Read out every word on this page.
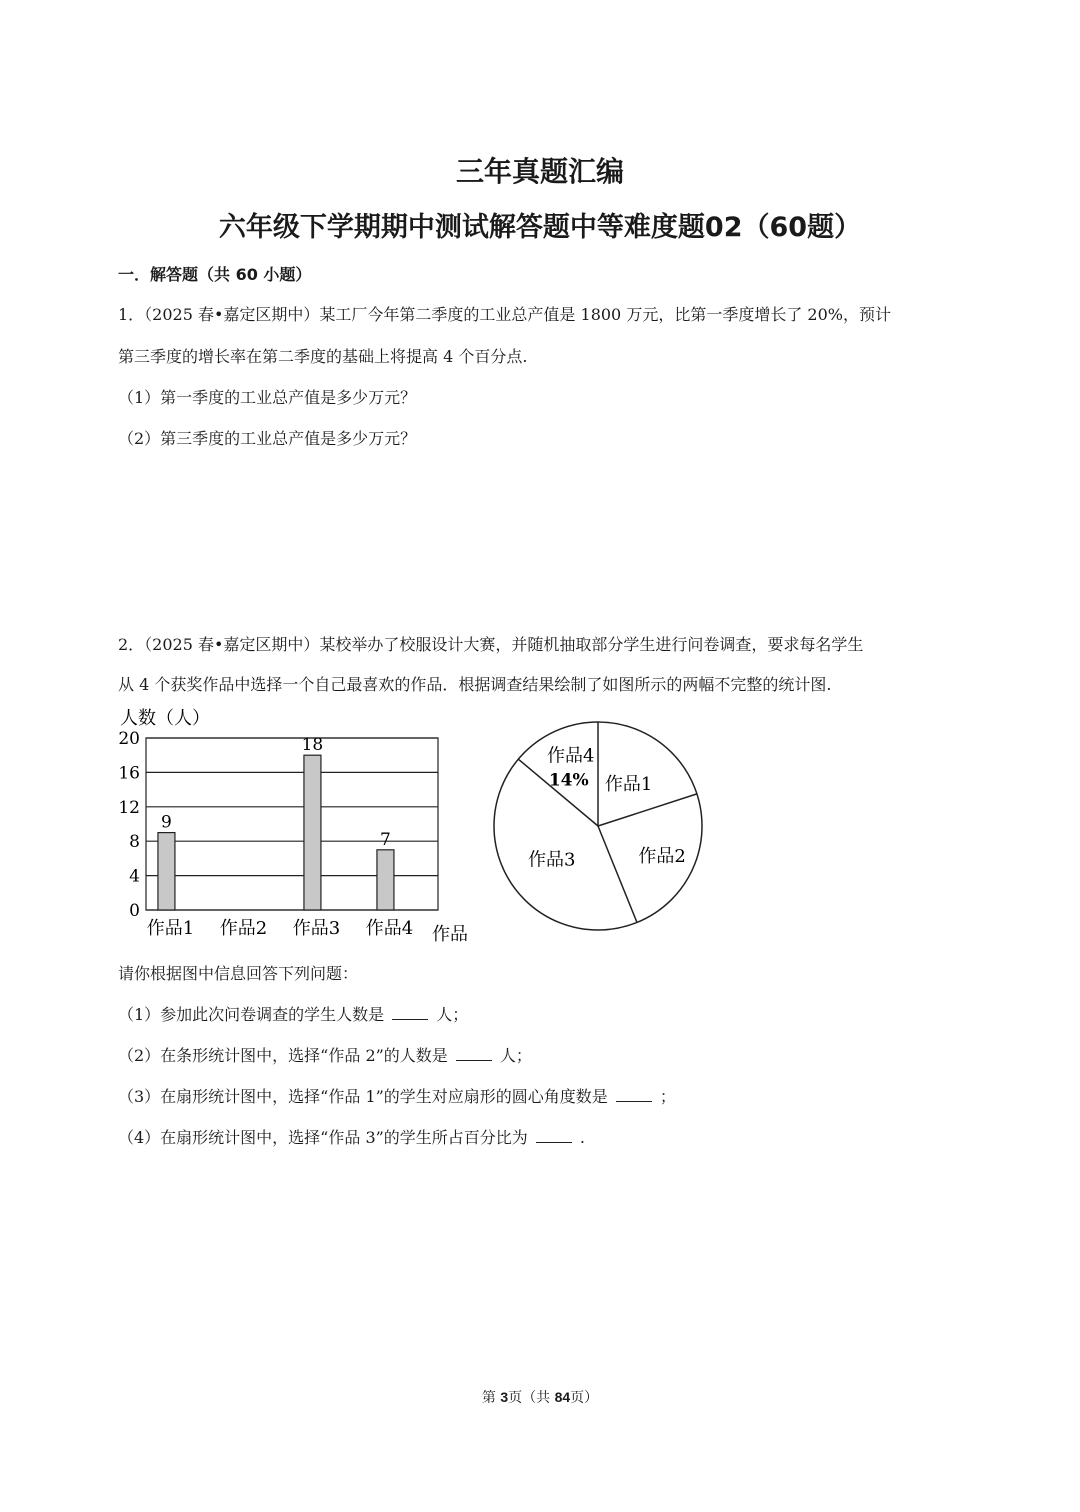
三年真题汇编
六年级下学期期中测试解答题中等难度题02（60题）
一．解答题（共 60 小题）
1．（2025 春•嘉定区期中）某工厂今年第二季度的工业总产值是 1800 万元，比第一季度增长了 20%，预计
第三季度的增长率在第二季度的基础上将提高 4 个百分点.
（1）第一季度的工业总产值是多少万元？
（2）第三季度的工业总产值是多少万元？
2．（2025 春•嘉定区期中）某校举办了校服设计大赛，并随机抽取部分学生进行问卷调查，要求每名学生
从 4 个获奖作品中选择一个自己最喜欢的作品．根据调查结果绘制了如图所示的两幅不完整的统计图.
人数（人）
9
18
7
0
4
8
12
16
20
作品1 作品2 作品3 作品4 作品
作品1
作品2
作品3
作品4
14%
请你根据图中信息回答下列问题：
（1）参加此次问卷调查的学生人数是	人；
（2）在条形统计图中，选择“作品 2”的人数是	人；
（3）在扇形统计图中，选择“作品 1”的学生对应扇形的圆心角度数是	；
（4）在扇形统计图中，选择“作品 3”的学生所占百分比为	.
第 3页（共 84页）
